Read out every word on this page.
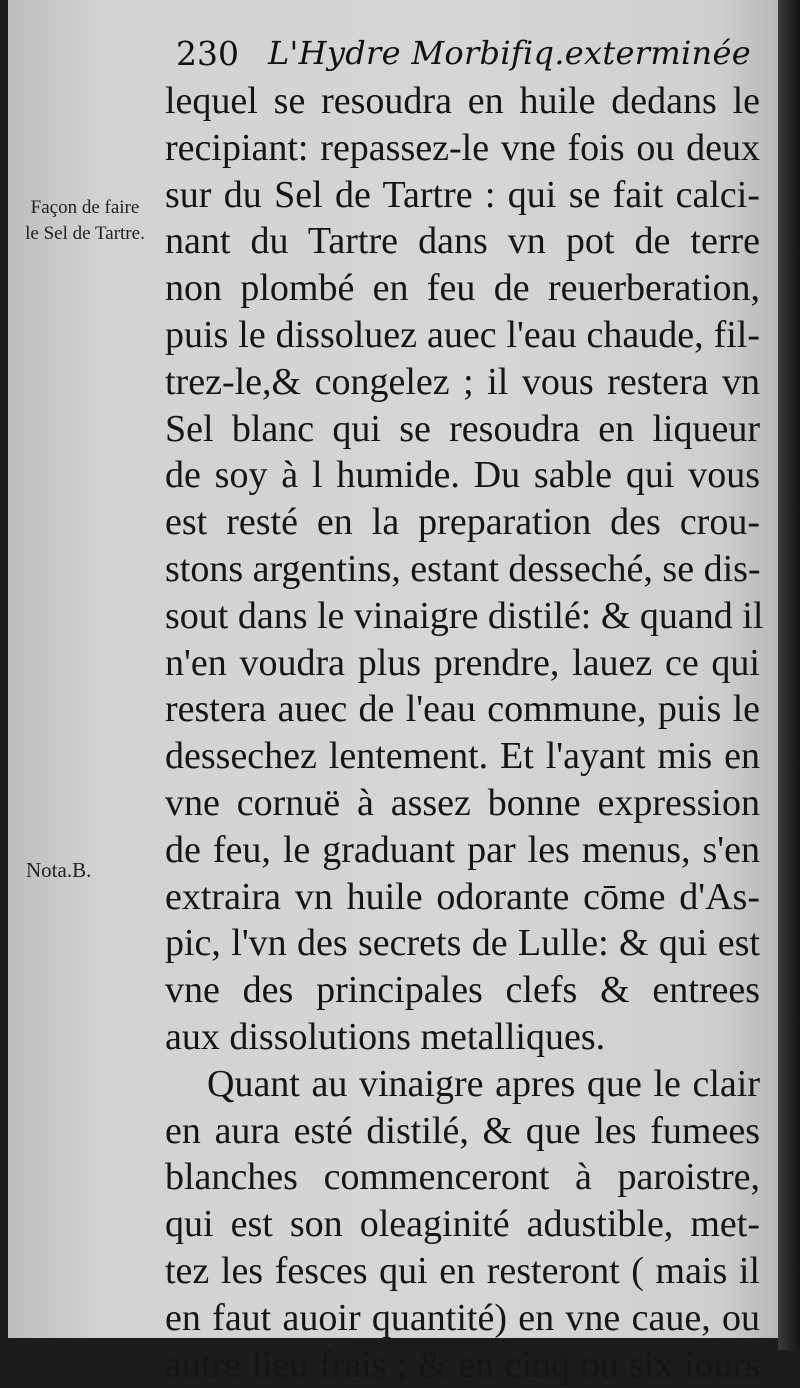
230 L'Hydre Morbifiq.exterminée
Façon de faire le Sel de Tartre.
Nota.B.
lequel se resoudra en huile dedans le
recipiant: repassez-le vne fois ou deux
sur du Sel de Tartre : qui se fait calci-
nant du Tartre dans vn pot de terre
non plombé en feu de reuerberation,
puis le dissoluez auec l'eau chaude, fil-
trez-le,& congelez ; il vous restera vn
Sel blanc qui se resoudra en liqueur
de soy à l humide. Du sable qui vous
est resté en la preparation des crou-
stons argentins, estant desseché, se dis-
sout dans le vinaigre distilé: & quand il
n'en voudra plus prendre, lauez ce qui
restera auec de l'eau commune, puis le
dessechez lentement. Et l'ayant mis en
vne cornuë à assez bonne expression
de feu, le graduant par les menus, s'en
extraira vn huile odorante cōme d'As-
pic, l'vn des secrets de Lulle: & qui est
vne des principales clefs & entrees
aux dissolutions metalliques.
Quant au vinaigre apres que le clair
en aura esté distilé, & que les fumees
blanches commenceront à paroistre,
qui est son oleaginité adustible, met-
tez les fesces qui en resteront ( mais il
en faut auoir quantité) en vne caue, ou
autre lieu frais ; & en cinq ou six iours
